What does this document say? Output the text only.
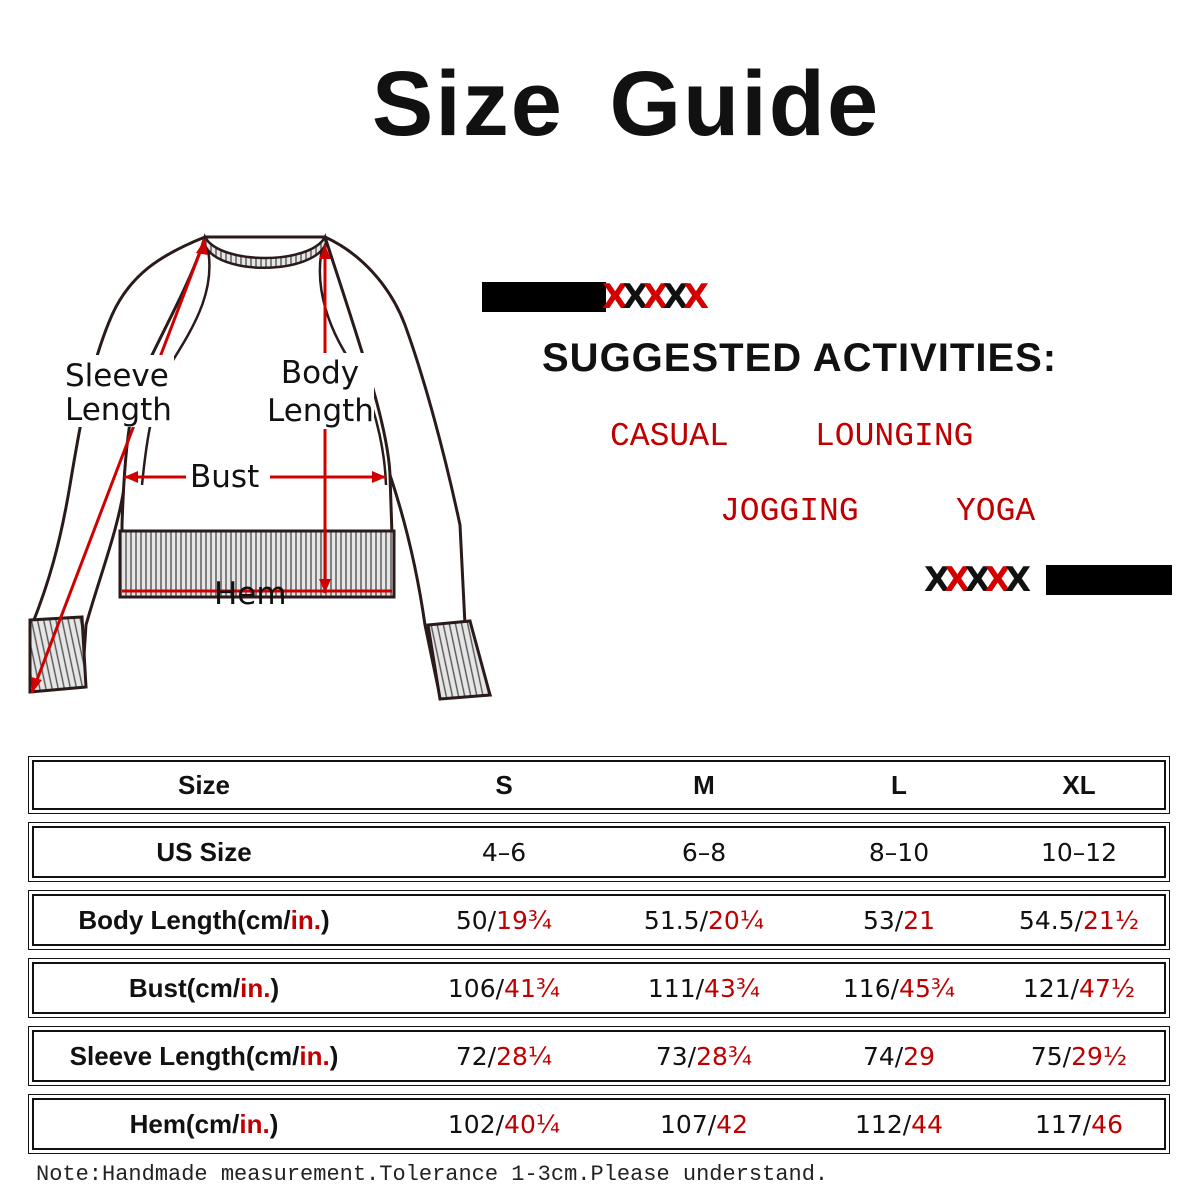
Size Guide
Sleeve
Length
Body
Length
Bust
Hem
XXXXX
XXXXX
SUGGESTED ACTIVITIES:
CASUAL	LOUNGING
JOGGING	YOGA
Size	S	M	L	XL
US Size	4–6	6–8	8–10	10–12
Body Length(cm/ in. )	50 / 19¾	51.5 / 20¼	53 / 21	54.5 / 21½
Bust(cm/ in. )	106 / 41¾	111 / 43¾	116 / 45¾	121 / 47½
Sleeve Length(cm/ in. )	72 / 28¼	73 / 28¾	74 / 29	75 / 29½
Hem(cm/ in. )	102 / 40¼	107 / 42	112 / 44	117 / 46
Note:Handmade measurement.Tolerance 1-3cm.Please understand.
